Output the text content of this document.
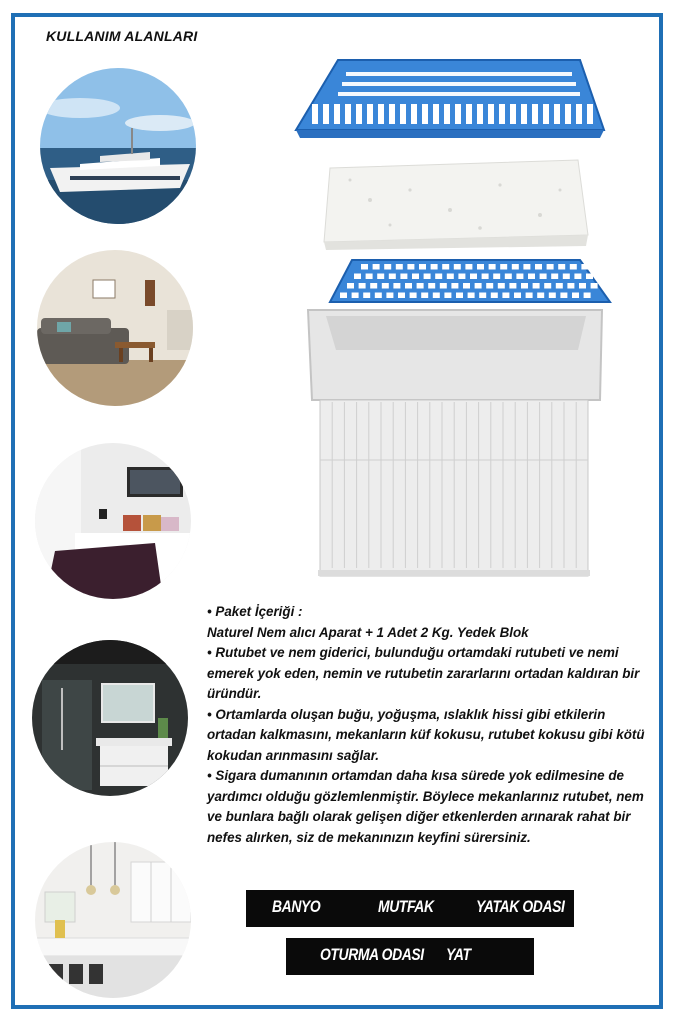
KULLANIM ALANLARI

• Paket İçeriği :

Naturel Nem alıcı Aparat + 1 Adet 2 Kg. Yedek Blok

• Rutubet ve nem giderici, bulunduğu ortamdaki rutubeti ve nemi emerek yok eden, nemin ve rutubetin zararlarını ortadan kaldıran bir üründür.

• Ortamlarda oluşan buğu, yoğuşma, ıslaklık hissi gibi etkilerin ortadan kalkmasını, mekanların küf kokusu, rutubet kokusu gibi kötü kokudan arınmasını sağlar.

• Sigara dumanının ortamdan daha kısa sürede yok edilmesine de yardımcı olduğu gözlemlenmiştir. Böylece mekanlarınız rutubet, nem ve bunlara bağlı olarak gelişen diğer etkenlerden arınarak rahat bir nefes alırken, siz de mekanınızın keyfini sürersiniz.

BANYO	MUTFAK YATAK ODASI
OTURMA ODASI YAT
